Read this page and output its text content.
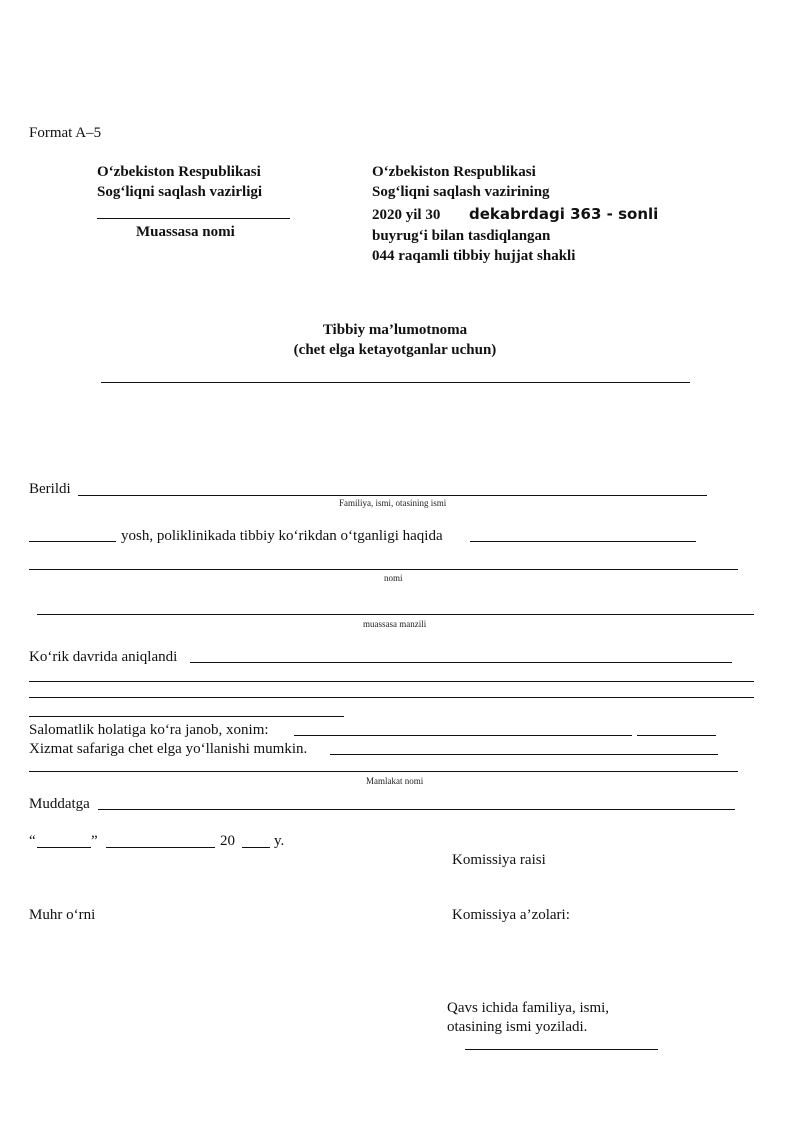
Format A–5
O‘zbekiston Respublikasi
Sog‘liqni saqlash vazirligi
Muassasa nomi
O‘zbekiston Respublikasi
Sog‘liqni saqlash vazirining
2020 yil 30 dekabrdagi 363 - sonli
buyrug‘i bilan tasdiqlangan
044 raqamli tibbiy hujjat shakli
Tibbiy ma’lumotnoma
(chet elga ketayotganlar uchun)
Berildi
Familiya, ismi, otasining ismi
yosh, poliklinikada tibbiy ko‘rikdan o‘tganligi haqida
nomi
muassasa manzili
Ko‘rik davrida aniqlandi
Salomatlik holatiga ko‘ra janob, xonim:
Xizmat safariga chet elga yo‘llanishi mumkin.
Mamlakat nomi
Muddatga
“	”	20	y.
Komissiya raisi
Muhr o‘rni	Komissiya a’zolari:
Qavs ichida familiya, ismi,
otasining ismi yoziladi.
